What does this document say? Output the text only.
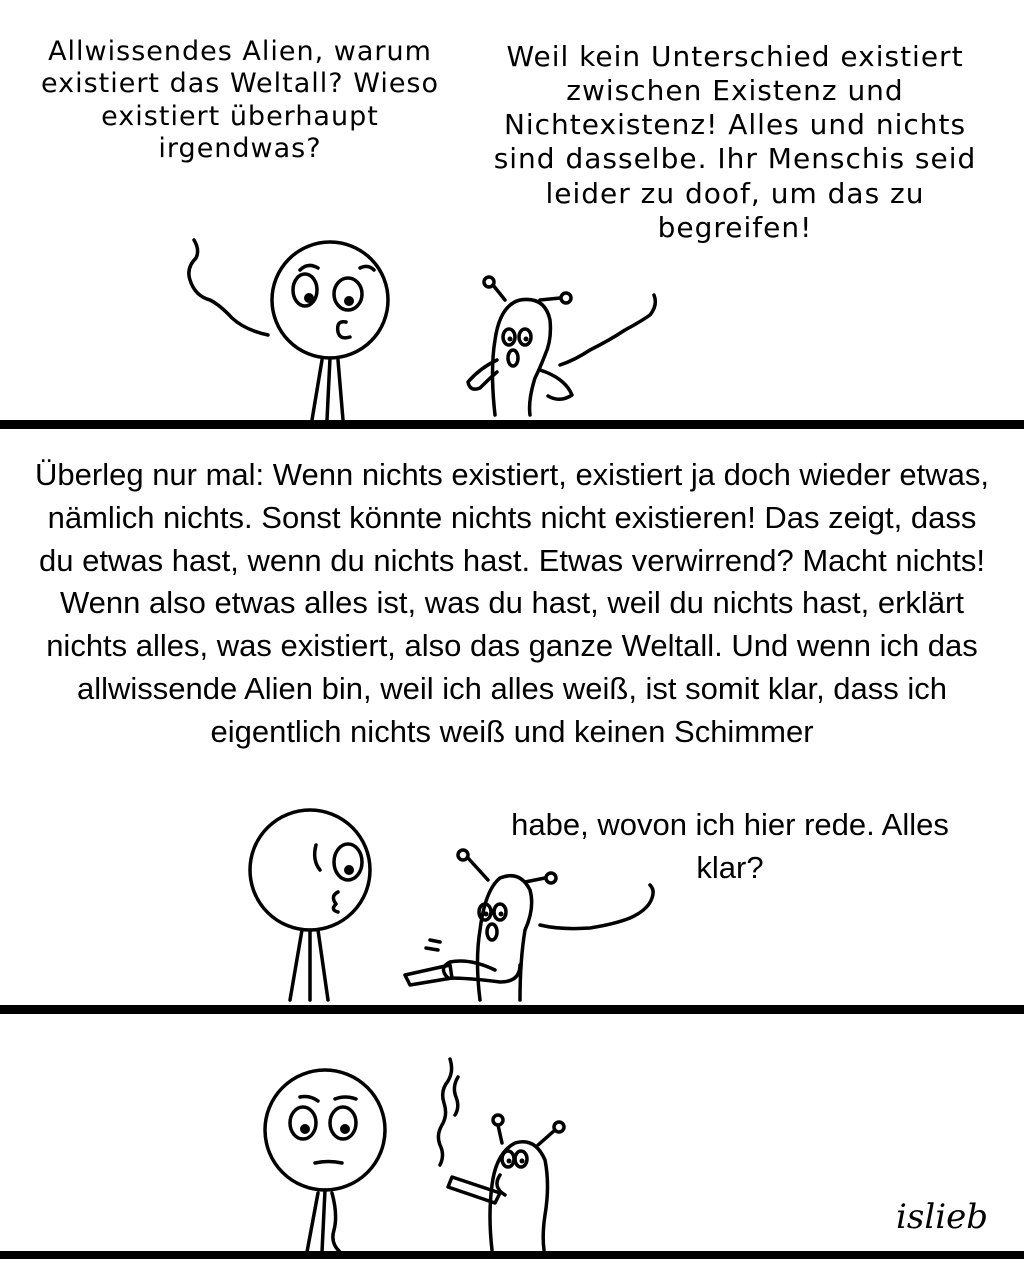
Allwissendes Alien, warum existiert das Weltall? Wieso existiert überhaupt irgendwas?
Weil kein Unterschied existiert zwischen Existenz und Nichtexistenz! Alles und nichts sind dasselbe. Ihr Menschis seid leider zu doof, um das zu begreifen!
Überleg nur mal: Wenn nichts existiert, existiert ja doch wieder etwas, nämlich nichts. Sonst könnte nichts nicht existieren! Das zeigt, dass du etwas hast, wenn du nichts hast. Etwas verwirrend? Macht nichts! Wenn also etwas alles ist, was du hast, weil du nichts hast, erklärt nichts alles, was existiert, also das ganze Weltall. Und wenn ich das allwissende Alien bin, weil ich alles weiß, ist somit klar, dass ich eigentlich nichts weiß und keinen Schimmer
habe, wovon ich hier rede. Alles klar?
islieb
